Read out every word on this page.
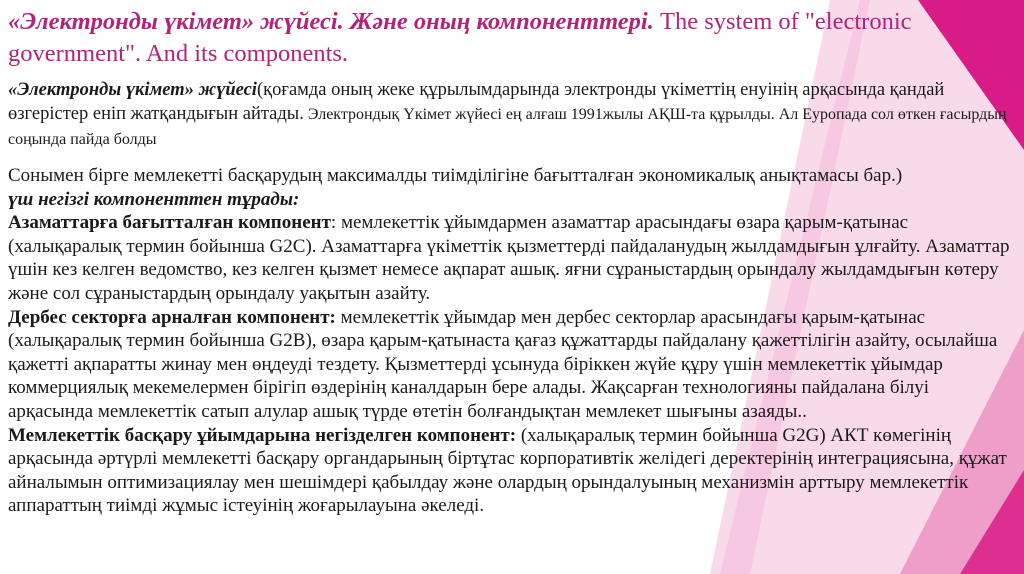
«Электронды үкімет» жүйесі. Және оның компоненттері. The system of "electronic government". And its components.
«Электронды үкімет» жүйесі(қоғамда оның жеке құрылымдарында электронды үкіметтің енуінің арқасында қандай өзгерістер еніп жатқандығын айтады. Электрондық Үкімет жүйесі ең алғаш 1991жылы АҚШ-та құрылды. Ал Еуропада сол өткен ғасырдың соңында пайда болды

Сонымен бірге мемлекетті басқарудың максималды тиімділігіне бағытталған экономикалық анықтамасы бар.)

үш негізгі компоненттен тұрады:

Азаматтарға бағытталған компонент: мемлекеттік ұйымдармен азаматтар арасындағы өзара қарым-қатынас (халықаралық термин бойынша G2C). Азаматтарға үкіметтік қызметтерді пайдаланудың жылдамдығын ұлғайту. Азаматтар үшін кез келген ведомство, кез келген қызмет немесе ақпарат ашық. яғни сұраныстардың орындалу жылдамдығын көтеру және сол сұраныстардың орындалу уақытын азайту.

Дербес секторға арналған компонент: мемлекеттік ұйымдар мен дербес секторлар арасындағы қарым-қатынас (халықаралық термин бойынша G2B), өзара қарым-қатынаста қағаз құжаттарды пайдалану қажеттілігін азайту, осылайша қажетті ақпаратты жинау мен өңдеуді тездету. Қызметтерді ұсынуда біріккен жүйе құру үшін мемлекеттік ұйымдар коммерциялық мекемелермен бірігіп өздерінің каналдарын бере алады. Жақсарған технологияны пайдалана білуі арқасында мемлекеттік сатып алулар ашық түрде өтетін болғандықтан мемлекет шығыны азаяды..

Мемлекеттік басқару ұйымдарына негізделген компонент: (халықаралық термин бойынша G2G) АКТ көмегінің арқасында әртүрлі мемлекетті басқару органдарының біртұтас корпоративтік желідегі деректерінің интеграциясына, құжат айналымын оптимизациялау мен шешімдері қабылдау және олардың орындалуының механизмін арттыру мемлекеттік аппараттың тиімді жұмыс істеуінің жоғарылауына әкеледі.
